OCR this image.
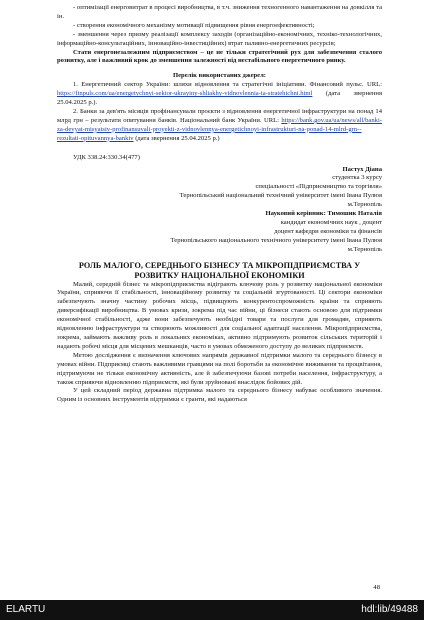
- оптимізації енерговитрат в процесі виробництва, в т.ч. зниження техногенного навантаження на довкілля та ін.

- створення економічного механізму мотивації підвищення рівня енергоефективності;

- зменшення через призму реалізації комплексу заходів (організаційно-економічних, техніко-технологічних, інформаційно-консультаційних, інноваційно-інвестиційних) втрат паливно-енергетичних ресурсів;

Стати енергонезалежним підприємством – це не тільки стратегічний рух для забезпечення сталого розвитку, але і важливий крок до зменшення залежності від нестабільного енергетичного ринку.

Перелік використаних джерел:

1. Енергетичний сектор України: шляхи відновлення та стратегічні ініціативи. Фінансовий пульс. URL: https://finpuls.com/ua/energetychnyi-sektor-ukrayiny-shliakhy-vidnovlennia-ta-stratehichni.html (дата звернення 25.04.2025 р.).

2. Банки за дев'ять місяців профінансували проєкти з відновлення енергетичної інфраструктури на понад 14 млрд грн – результати опитування банків. Національний банк України. URL: https://bank.gov.ua/ua/news/all/banki-za-devyat-misyatsiv-profinansuvali-proyekti-z-vidnovlennya-energetichnoyi-infrastrukturi-na-ponad-14-mlrd-grn--rezultati-opituvannya-bankiv (дата звернення 25.04.2025 р.)

УДК 338.24:330.34(477)

Пастух Діана

студентка 3 курсу

спеціальності «Підприємництво та торгівля»

Тернопільський національний технічний університет імені Івана Пулюя

м.Тернопіль

Науковий керівник: Тимошик Наталія

кандидат економічних наук , доцент

доцент кафедри економіки та фінансів

Тернопільського національного технічного університету імені Івана Пулюя

м.Тернопіль

РОЛЬ МАЛОГО, СЕРЕДНЬОГО БІЗНЕСУ ТА МІКРОПІДПРИЄМСТВА У РОЗВИТКУ НАЦІОНАЛЬНОЇ ЕКОНОМІКИ

Малий, середній бізнес та мікропідприємства відіграють ключову роль у розвитку національної економіки України, сприяючи її стабільності, інноваційному розвитку та соціальній згуртованості. Ці сектори економіки забезпечують значну частину робочих місць, підвищують конкурентоспроможність країни та сприяють диверсифікації виробництва. В умовах кризи, зокрема під час війни, ці бізнеси стають основою для підтримки економічної стабільності, адже вони забезпечують необхідні товари та послуги для громадян, сприяють відновленню інфраструктури та створюють можливості для соціальної адаптації населення. Мікропідприємства, зокрема, займають важливу роль в локальних економіках, активно підтримують розвиток сільських територій і надають робочі місця для місцевих мешканців, часто в умовах обмеженого доступу до великих підприємств.

Метою дослідження є визначення ключових напрямів державної підтримки малого та середнього бізнесу в умовах війни. Підприємці стають важливими гравцями на полі боротьби за економічне виживання та процвітання, підтримуючи не тільки економічну активність, але й забезпечуючи базові потреби населення, інфраструктуру, а також сприяючи відновленню підприємств, які були зруйновані внаслідок бойових дій.

У цей складний період державна підтримка малого та середнього бізнесу набуває особливого значення. Одним із основних інструментів підтримки є гранти, які надаються

48
ELARTU	hdl:lib/49488
